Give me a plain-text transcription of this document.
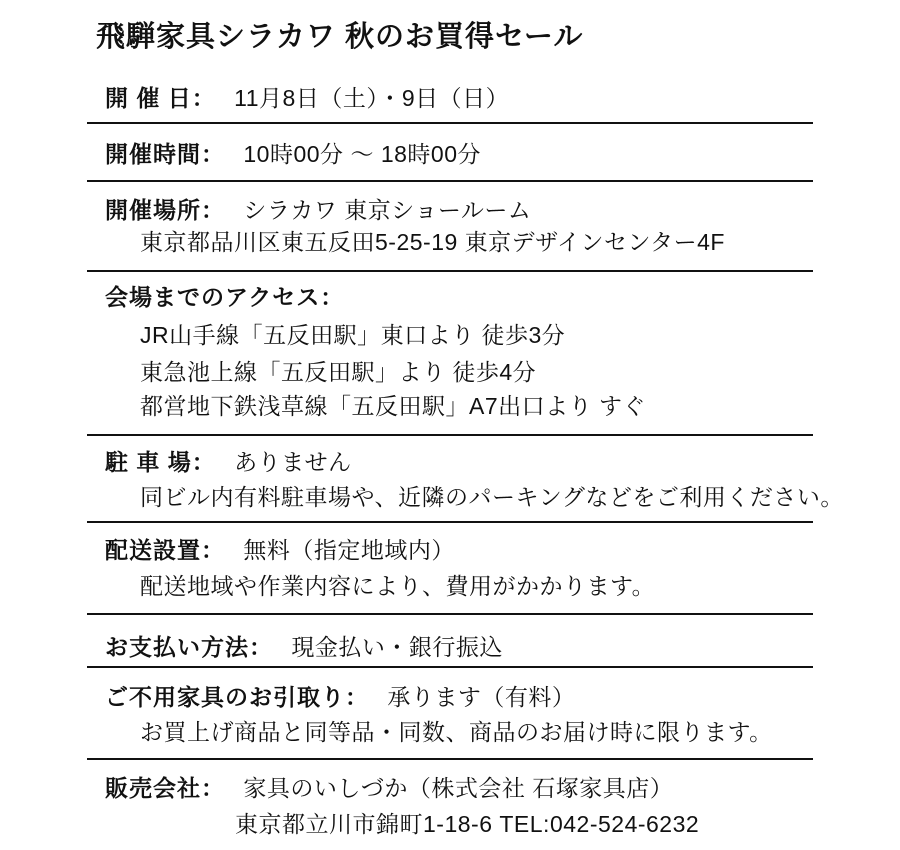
飛騨家具シラカワ 秋のお買得セール
開 催 日： 11月8日（土）・9日（日）
開催時間： 10時00分 ～ 18時00分
開催場所： シラカワ 東京ショールーム
東京都品川区東五反田5-25-19 東京デザインセンター4F
会場までのアクセス：
JR山手線「五反田駅」東口より 徒歩3分
東急池上線「五反田駅」より 徒歩4分
都営地下鉄浅草線「五反田駅」A7出口より すぐ
駐 車 場： ありません
同ビル内有料駐車場や、近隣のパーキングなどをご利用ください。
配送設置： 無料（指定地域内）
配送地域や作業内容により、費用がかかります。
お支払い方法： 現金払い・銀行振込
ご不用家具のお引取り： 承ります（有料）
お買上げ商品と同等品・同数、商品のお届け時に限ります。
販売会社： 家具のいしづか（株式会社 石塚家具店）
東京都立川市錦町1-18-6 TEL:042-524-6232
